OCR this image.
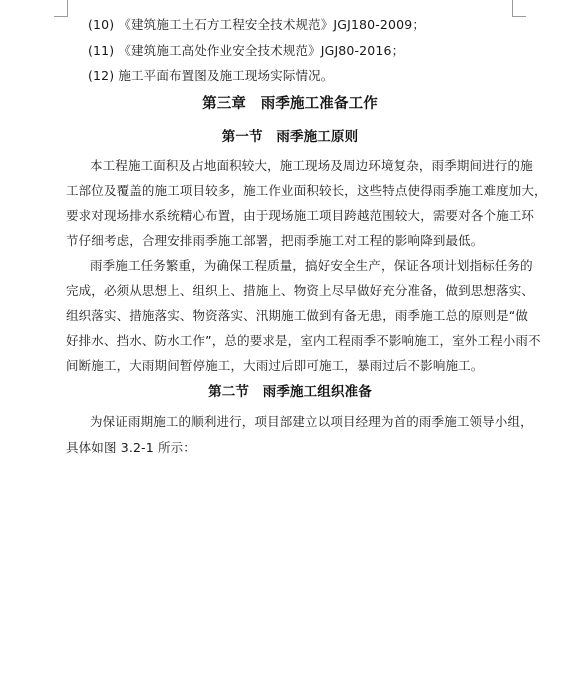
(10) 《建筑施工土石方工程安全技术规范》JGJ180-2009；
(11) 《建筑施工高处作业安全技术规范》JGJ80-2016；
(12) 施工平面布置图及施工现场实际情况。
第三章　雨季施工准备工作
第一节　雨季施工原则
本工程施工面积及占地面积较大，施工现场及周边环境复杂，雨季期间进行的施
工部位及覆盖的施工项目较多，施工作业面积较长，这些特点使得雨季施工难度加大，
要求对现场排水系统精心布置，由于现场施工项目跨越范围较大，需要对各个施工环
节仔细考虑，合理安排雨季施工部署，把雨季施工对工程的影响降到最低。
雨季施工任务繁重，为确保工程质量，搞好安全生产，保证各项计划指标任务的
完成，必须从思想上、组织上、措施上、物资上尽早做好充分准备，做到思想落实、
组织落实、措施落实、物资落实、汛期施工做到有备无患，雨季施工总的原则是“做
好排水、挡水、防水工作”，总的要求是，室内工程雨季不影响施工，室外工程小雨不
间断施工，大雨期间暂停施工，大雨过后即可施工，暴雨过后不影响施工。
第二节　雨季施工组织准备
为保证雨期施工的顺利进行，项目部建立以项目经理为首的雨季施工领导小组，
具体如图 3.2-1 所示：
